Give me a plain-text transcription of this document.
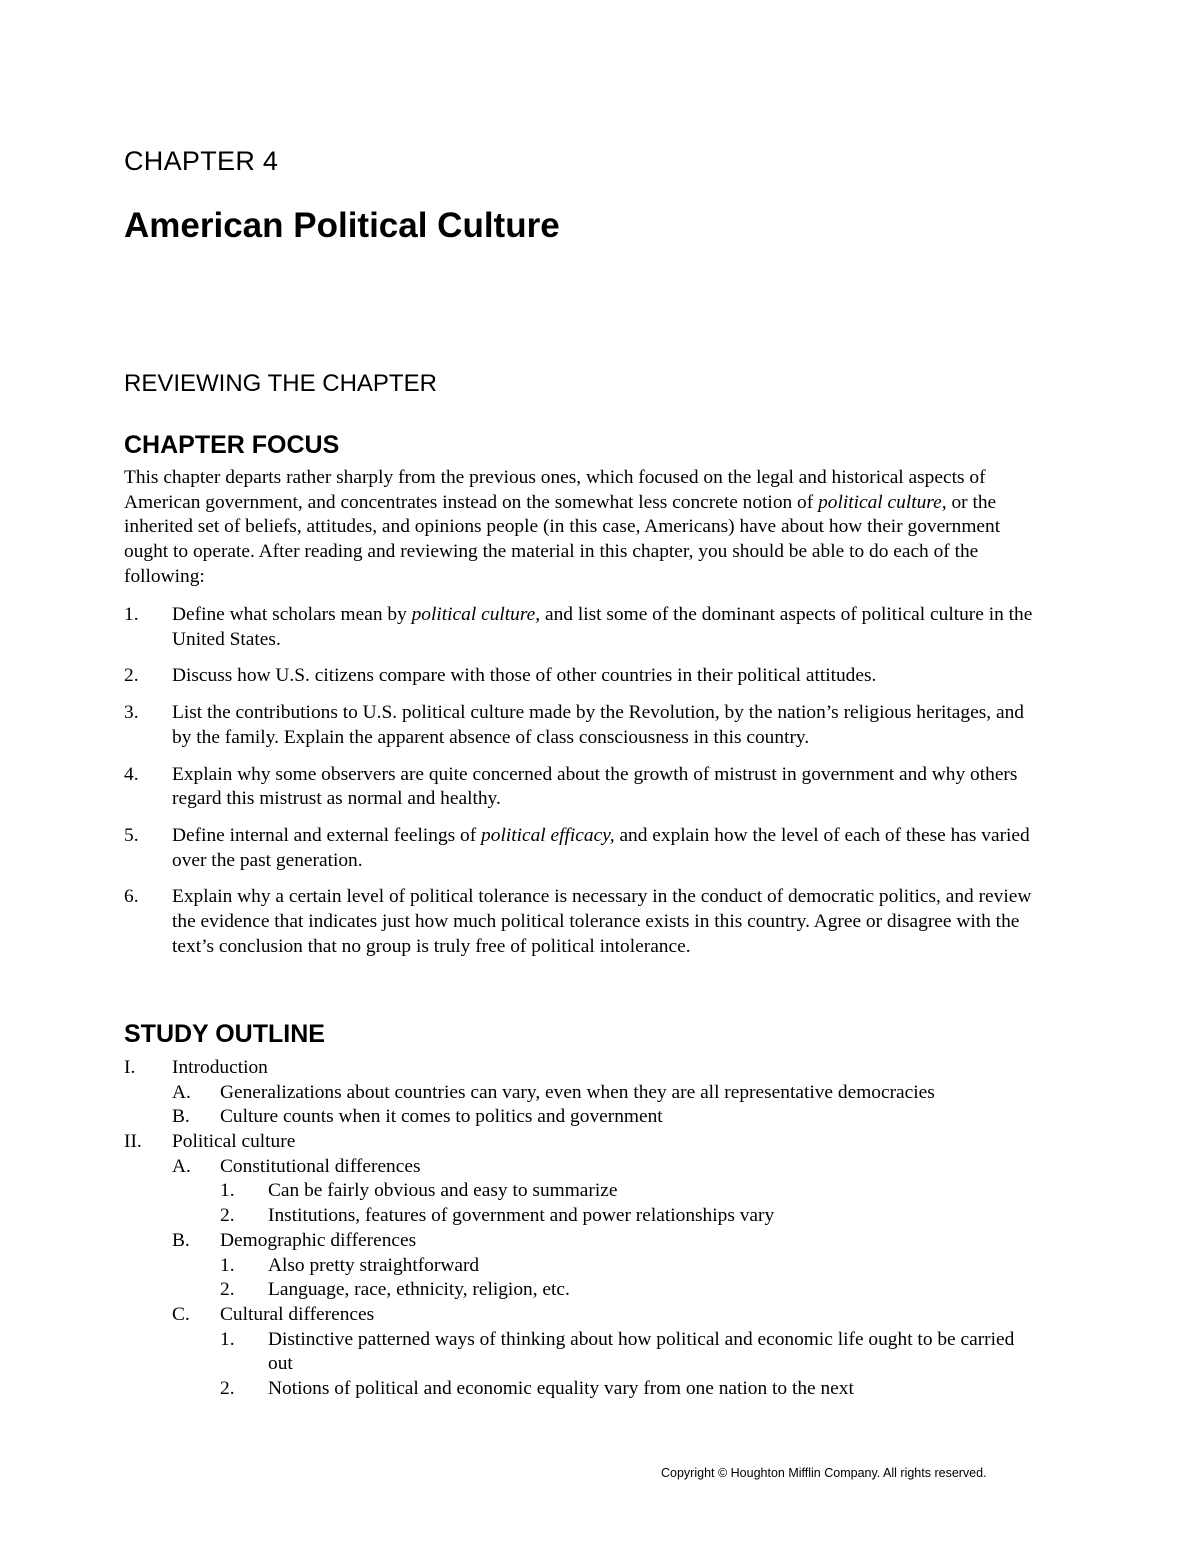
CHAPTER 4
American Political Culture
REVIEWING THE CHAPTER
CHAPTER FOCUS

This chapter departs rather sharply from the previous ones, which focused on the legal and historical aspects of American government, and concentrates instead on the somewhat less concrete notion of political culture, or the inherited set of beliefs, attitudes, and opinions people (in this case, Americans) have about how their government ought to operate. After reading and reviewing the material in this chapter, you should be able to do each of the following:

1. Define what scholars mean by political culture, and list some of the dominant aspects of political culture in the United States.
2. Discuss how U.S. citizens compare with those of other countries in their political attitudes.
3. List the contributions to U.S. political culture made by the Revolution, by the nation’s religious heritages, and by the family. Explain the apparent absence of class consciousness in this country.
4. Explain why some observers are quite concerned about the growth of mistrust in government and why others regard this mistrust as normal and healthy.
5. Define internal and external feelings of political efficacy, and explain how the level of each of these has varied over the past generation.
6. Explain why a certain level of political tolerance is necessary in the conduct of democratic politics, and review the evidence that indicates just how much political tolerance exists in this country. Agree or disagree with the text’s conclusion that no group is truly free of political intolerance.
STUDY OUTLINE
I. Introduction
A. Generalizations about countries can vary, even when they are all representative democracies
B. Culture counts when it comes to politics and government
II. Political culture
A. Constitutional differences
1. Can be fairly obvious and easy to summarize
2. Institutions, features of government and power relationships vary
B. Demographic differences
1. Also pretty straightforward
2. Language, race, ethnicity, religion, etc.
C. Cultural differences
1. Distinctive patterned ways of thinking about how political and economic life ought to be carried out
2. Notions of political and economic equality vary from one nation to the next

Copyright © Houghton Mifflin Company. All rights reserved.
